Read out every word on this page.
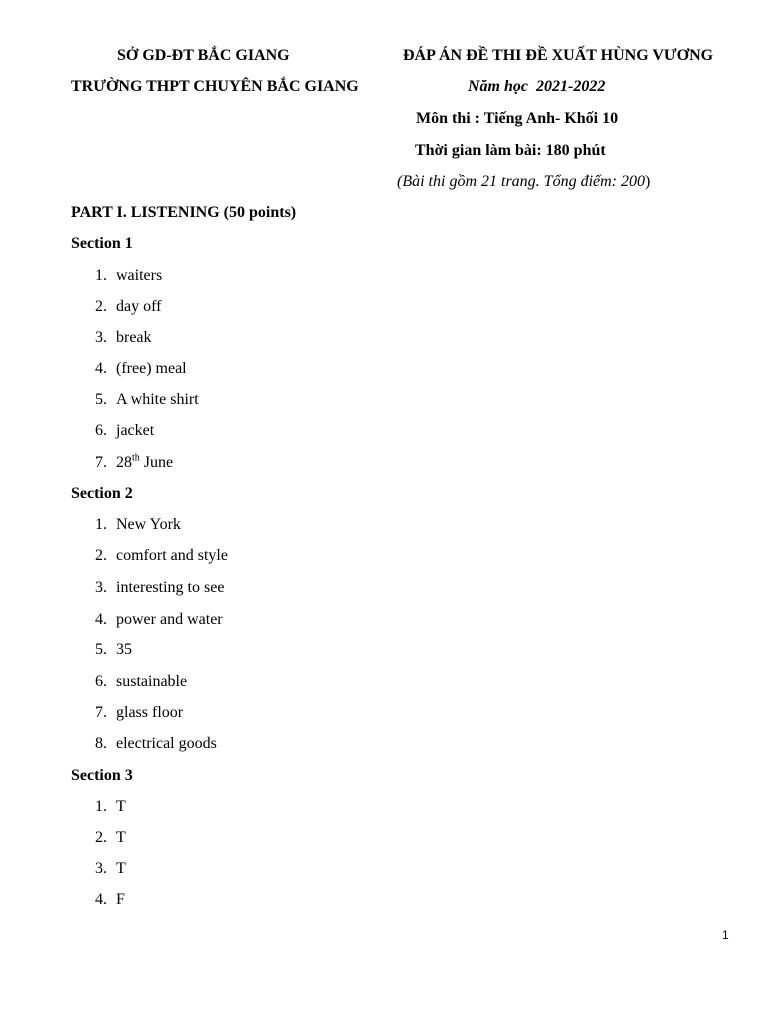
SỞ GD-ĐT BẮC GIANG
TRƯỜNG THPT CHUYÊN BẮC GIANG
ĐÁP ÁN ĐỀ THI ĐỀ XUẤT HÙNG VƯƠNG
Năm học  2021-2022
Môn thi : Tiếng Anh- Khối 10
Thời gian làm bài: 180 phút
(Bài thi gồm 21 trang. Tổng điểm: 200)
PART I. LISTENING (50 points)
Section 1
1. waiters
2. day off
3. break
4. (free) meal
5. A white shirt
6. jacket
7. 28th June
Section 2
1. New York
2. comfort and style
3. interesting to see
4. power and water
5. 35
6. sustainable
7. glass floor
8. electrical goods
Section 3
1. T
2. T
3. T
4. F
1
